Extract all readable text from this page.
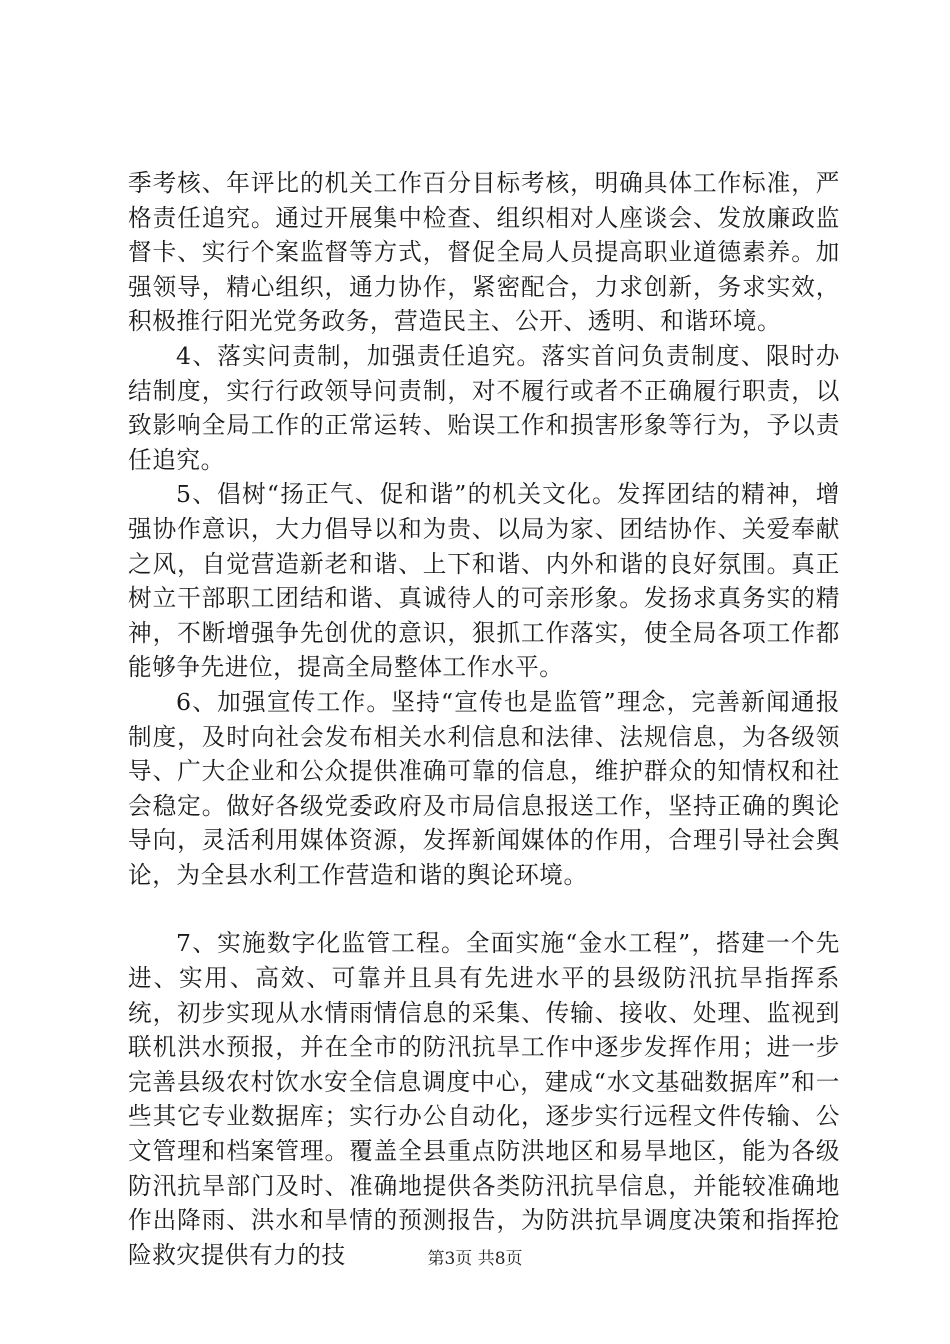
季考核、年评比的机关工作百分目标考核，明确具体工作标准，严格责任追究。通过开展集中检查、组织相对人座谈会、发放廉政监督卡、实行个案监督等方式，督促全局人员提高职业道德素养。加强领导，精心组织，通力协作，紧密配合，力求创新，务求实效，积极推行阳光党务政务，营造民主、公开、透明、和谐环境。

4、落实问责制，加强责任追究。落实首问负责制度、限时办结制度，实行行政领导问责制，对不履行或者不正确履行职责，以致影响全局工作的正常运转、贻误工作和损害形象等行为，予以责任追究。

5、倡树“扬正气、促和谐”的机关文化。发挥团结的精神，增强协作意识，大力倡导以和为贵、以局为家、团结协作、关爱奉献之风，自觉营造新老和谐、上下和谐、内外和谐的良好氛围。真正树立干部职工团结和谐、真诚待人的可亲形象。发扬求真务实的精神，不断增强争先创优的意识，狠抓工作落实，使全局各项工作都能够争先进位，提高全局整体工作水平。

6、加强宣传工作。坚持“宣传也是监管”理念，完善新闻通报制度，及时向社会发布相关水利信息和法律、法规信息，为各级领导、广大企业和公众提供准确可靠的信息，维护群众的知情权和社会稳定。做好各级党委政府及市局信息报送工作，坚持正确的舆论导向，灵活利用媒体资源，发挥新闻媒体的作用，合理引导社会舆论，为全县水利工作营造和谐的舆论环境。

7、实施数字化监管工程。全面实施“金水工程”，搭建一个先进、实用、高效、可靠并且具有先进水平的县级防汛抗旱指挥系统，初步实现从水情雨情信息的采集、传输、接收、处理、监视到联机洪水预报，并在全市的防汛抗旱工作中逐步发挥作用；进一步完善县级农村饮水安全信息调度中心，建成“水文基础数据库”和一些其它专业数据库；实行办公自动化，逐步实行远程文件传输、公文管理和档案管理。覆盖全县重点防洪地区和易旱地区，能为各级防汛抗旱部门及时、准确地提供各类防汛抗旱信息，并能较准确地作出降雨、洪水和旱情的预测报告，为防洪抗旱调度决策和指挥抢险救灾提供有力的技	第3页 共8页
